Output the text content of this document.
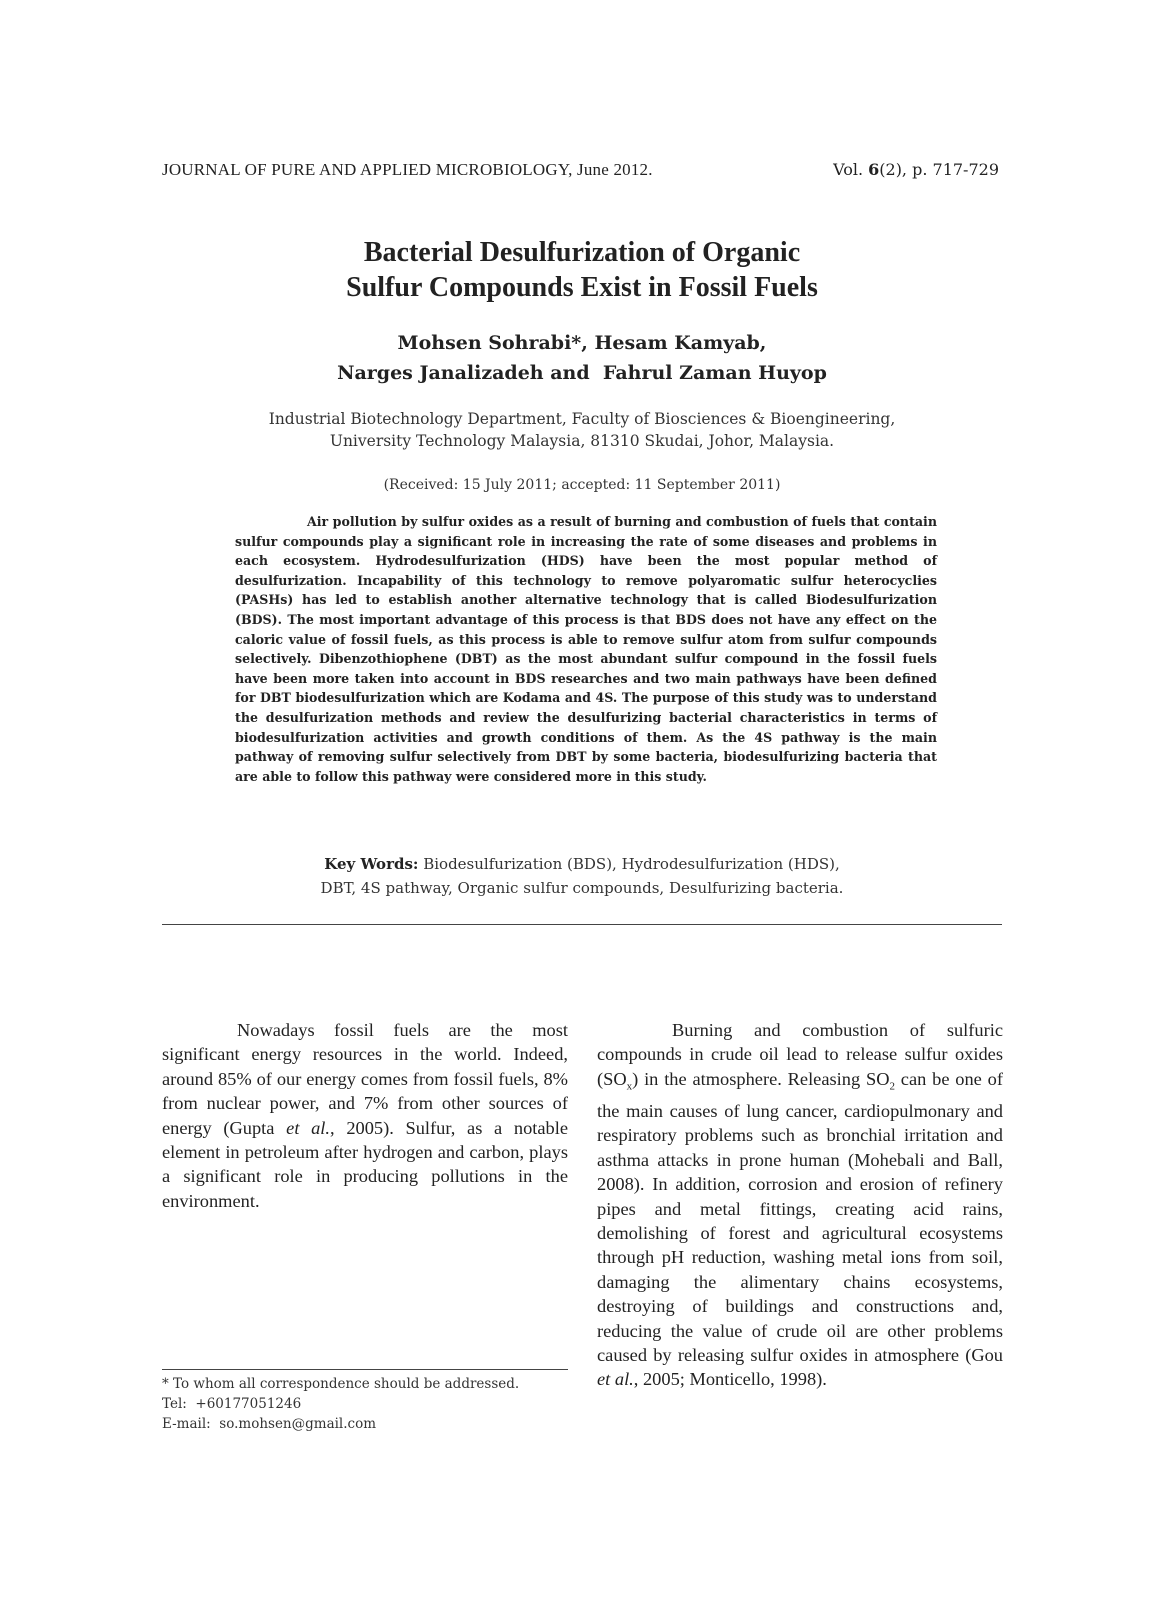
JOURNAL OF PURE AND APPLIED MICROBIOLOGY, June 2012.	Vol. 6(2), p. 717-729
Bacterial Desulfurization of Organic
Sulfur Compounds Exist in Fossil Fuels
Mohsen Sohrabi*, Hesam Kamyab,
Narges Janalizadeh and  Fahrul Zaman Huyop
Industrial Biotechnology Department, Faculty of Biosciences & Bioengineering,
University Technology Malaysia, 81310 Skudai, Johor, Malaysia.
(Received: 15 July 2011; accepted: 11 September 2011)

Air pollution by sulfur oxides as a result of burning and combustion of fuels that contain sulfur compounds play a significant role in increasing the rate of some diseases and problems in each ecosystem. Hydrodesulfurization (HDS) have been the most popular method of desulfurization. Incapability of this technology to remove polyaromatic sulfur heterocyclies (PASHs) has led to establish another alternative technology that is called Biodesulfurization (BDS). The most important advantage of this process is that BDS does not have any effect on the caloric value of fossil fuels, as this process is able to remove sulfur atom from sulfur compounds selectively. Dibenzothiophene (DBT) as the most abundant sulfur compound in the fossil fuels have been more taken into account in BDS researches and two main pathways have been defined for DBT biodesulfurization which are Kodama and 4S. The purpose of this study was to understand the desulfurization methods and review the desulfurizing bacterial characteristics in terms of biodesulfurization activities and growth conditions of them. As the 4S pathway is the main pathway of removing sulfur selectively from DBT by some bacteria, biodesulfurizing bacteria that are able to follow this pathway were considered more in this study.

Key Words: Biodesulfurization (BDS), Hydrodesulfurization (HDS),
DBT, 4S pathway, Organic sulfur compounds, Desulfurizing bacteria.

Nowadays fossil fuels are the most significant energy resources in the world. Indeed, around 85% of our energy comes from fossil fuels, 8% from nuclear power, and 7% from other sources of energy (Gupta et al., 2005). Sulfur, as a notable element in petroleum after hydrogen and carbon, plays a significant role in producing pollutions in the environment.

* To whom all correspondence should be addressed.
Tel:  +60177051246
E-mail:  so.mohsen@gmail.com

Burning and combustion of sulfuric compounds in crude oil lead to release sulfur oxides $(SO_x)$ in the atmosphere. Releasing $SO_2$ can be one of the main causes of lung cancer, cardiopulmonary and respiratory problems such as bronchial irritation and asthma attacks in prone human (Mohebali and Ball, 2008). In addition, corrosion and erosion of refinery pipes and metal fittings, creating acid rains, demolishing of forest and agricultural ecosystems through pH reduction, washing metal ions from soil, damaging the alimentary chains ecosystems, destroying of buildings and constructions and, reducing the value of crude oil are other problems caused by releasing sulfur oxides in atmosphere (Gou et al., 2005; Monticello, 1998).
